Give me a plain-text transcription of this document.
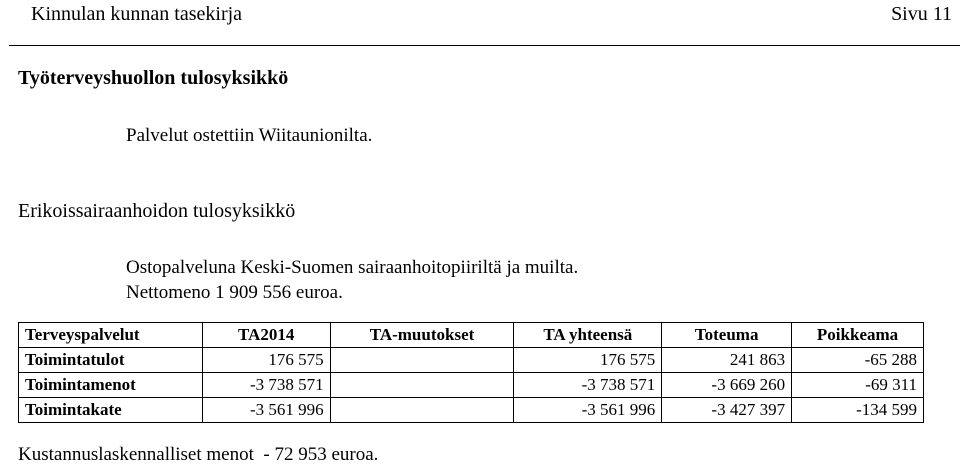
Kinnulan kunnan tasekirja	Sivu 11
Työterveyshuollon tulosyksikkö
Palvelut ostettiin Wiitaunionilta.
Erikoissairaanhoidon tulosyksikkö
Ostopalveluna Keski-Suomen sairaanhoitopiiriltä ja muilta.
Nettomeno 1 909 556 euroa.
Terveyspalvelut	TA2014	TA-muutokset	TA yhteensä	Toteuma	Poikkeama
Toimintatulot	176 575		176 575	241 863	-65 288
Toimintamenot	-3 738 571		-3 738 571	-3 669 260	-69 311
Toimintakate	-3 561 996		-3 561 996	-3 427 397	-134 599
Kustannuslaskennalliset menot  - 72 953 euroa.
